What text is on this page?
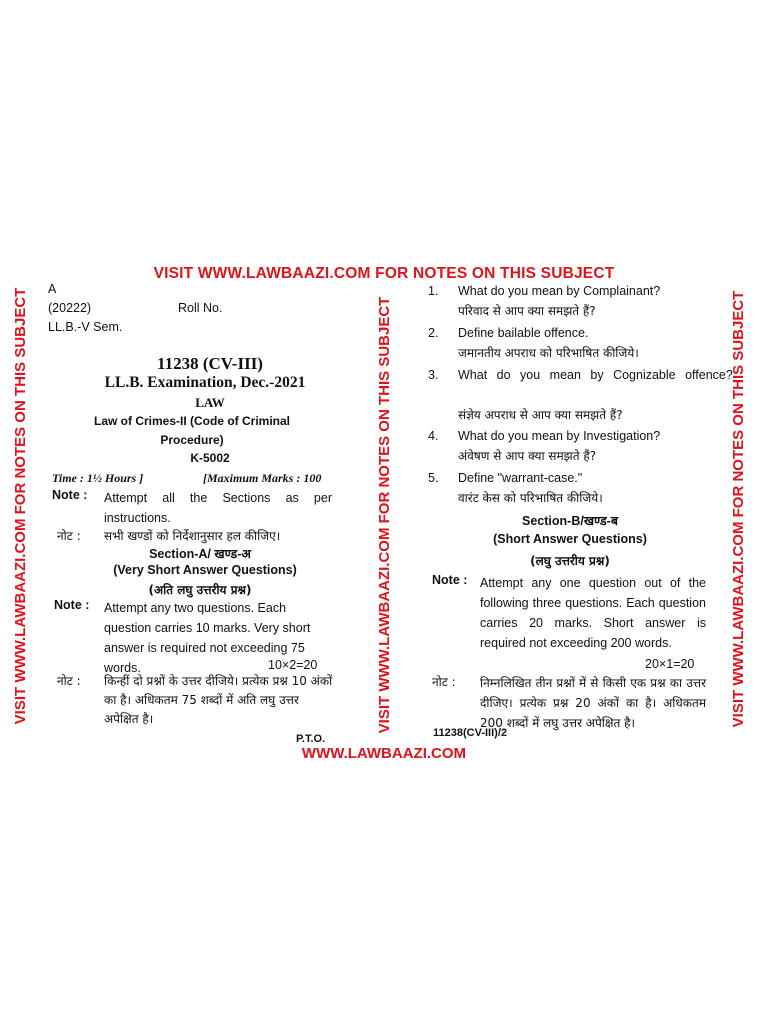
VISIT WWW.LAWBAAZI.COM FOR NOTES ON THIS SUBJECT
VISIT WWW.LAWBAAZI.COM FOR NOTES ON THIS SUBJECT	VISIT WWW.LAWBAAZI.COM FOR NOTES ON THIS SUBJECT	VISIT WWW.LAWBAAZI.COM FOR NOTES ON THIS SUBJECT
A
(20222)	Roll No.
LL.B.-V Sem.
11238 (CV-III)
LL.B. Examination, Dec.-2021
LAW
Law of Crimes-II (Code of Criminal Procedure)
K-5002
Time : 1½ Hours ]	[Maximum Marks : 100
Note : Attempt all the Sections as per instructions.
नोट : सभी खण्डों को निर्देशानुसार हल कीजिए।
Section-A/ खण्ड-अ
(Very Short Answer Questions)
(अति लघु उत्तरीय प्रश्न)
Note : Attempt any two questions. Each question carries 10 marks. Very short answer is required not exceeding 75 words.	10×2=20
नोट : किन्हीं दो प्रश्नों के उत्तर दीजिये। प्रत्येक प्रश्न 10 अंकों का है। अधिकतम 75 शब्दों में अति लघु उत्तर अपेक्षित है।
P.T.O.
1. What do you mean by Complainant?
परिवाद से आप क्या समझते हैं?
2. Define bailable offence.
जमानतीय अपराध को परिभाषित कीजिये।
3. What do you mean by Cognizable offence?
संज्ञेय अपराध से आप क्या समझते हैं?
4. What do you mean by Investigation?
अंवेषण से आप क्या समझते हैं?
5. Define "warrant-case."
वारंट केस को परिभाषित कीजिये।
Section-B/खण्ड-ब
(Short Answer Questions)
(लघु उत्तरीय प्रश्न)
Note : Attempt any one question out of the following three questions. Each question carries 20 marks. Short answer is required not exceeding 200 words.
20×1=20
नोट : निम्नलिखित तीन प्रश्नों में से किसी एक प्रश्न का उत्तर दीजिए। प्रत्येक प्रश्न 20 अंकों का है। अधिकतम 200 शब्दों में लघु उत्तर अपेक्षित है।
11238(CV-III)/2
WWW.LAWBAAZI.COM
